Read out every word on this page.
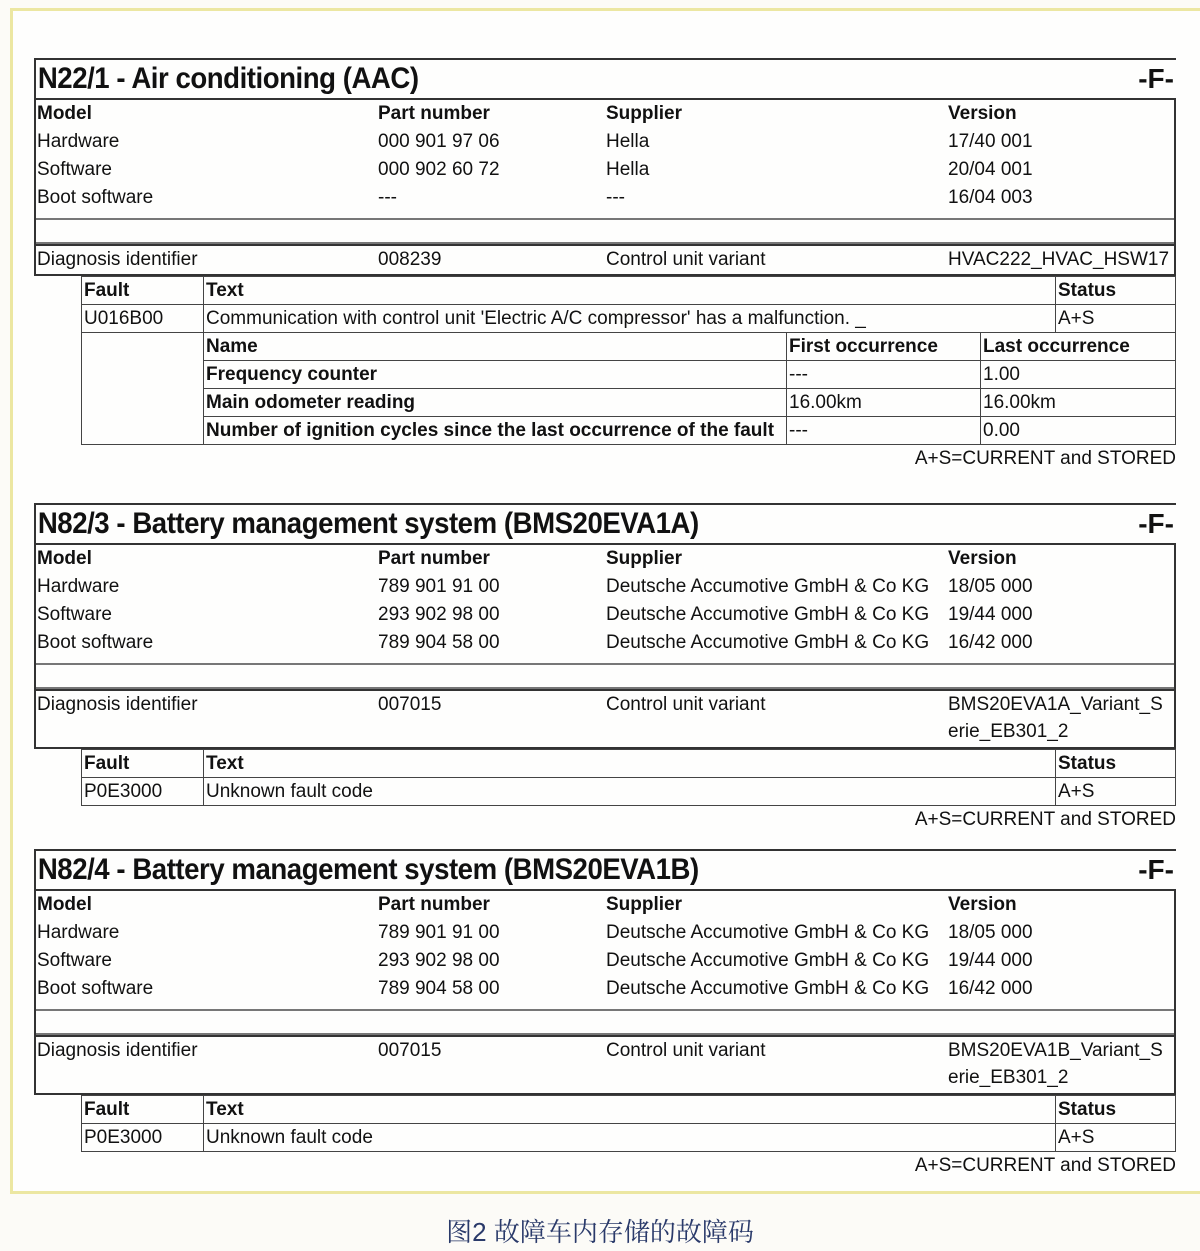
N22/1 - Air conditioning (AAC)	-F-
Model	Part number	Supplier	Version
Hardware	000 901 97 06	Hella	17/40 001
Software	000 902 60 72	Hella	20/04 001
Boot software	---	---	16/04 003
Diagnosis identifier	008239	Control unit variant	HVAC222_HVAC_HSW17
Fault	Text			Status
U016B00	Communication with control unit 'Electric A/C compressor' has a malfunction. _			A+S
	Name	First occurrence	Last occurrence	
	Frequency counter	---	1.00	
	Main odometer reading	16.00km	16.00km	
	Number of ignition cycles since the last occurrence of the fault	---	0.00	
A+S=CURRENT and STORED
N82/3 - Battery management system (BMS20EVA1A)	-F-
Model	Part number	Supplier	Version
Hardware	789 901 91 00	Deutsche Accumotive GmbH & Co KG 18/05 000
Software	293 902 98 00	Deutsche Accumotive GmbH & Co KG 19/44 000
Boot software	789 904 58 00	Deutsche Accumotive GmbH & Co KG 16/42 000
Diagnosis identifier	007015	Control unit variant	BMS20EVA1A_Variant_Serie_EB301_2
Fault	Text	Status
P0E3000	Unknown fault code	A+S
A+S=CURRENT and STORED
N82/4 - Battery management system (BMS20EVA1B)	-F-
Model	Part number	Supplier	Version
Hardware	789 901 91 00	Deutsche Accumotive GmbH & Co KG 18/05 000
Software	293 902 98 00	Deutsche Accumotive GmbH & Co KG 19/44 000
Boot software	789 904 58 00	Deutsche Accumotive GmbH & Co KG 16/42 000
Diagnosis identifier	007015	Control unit variant	BMS20EVA1B_Variant_Serie_EB301_2
Fault	Text	Status
P0E3000	Unknown fault code	A+S
A+S=CURRENT and STORED
图2 故障车内存储的故障码
